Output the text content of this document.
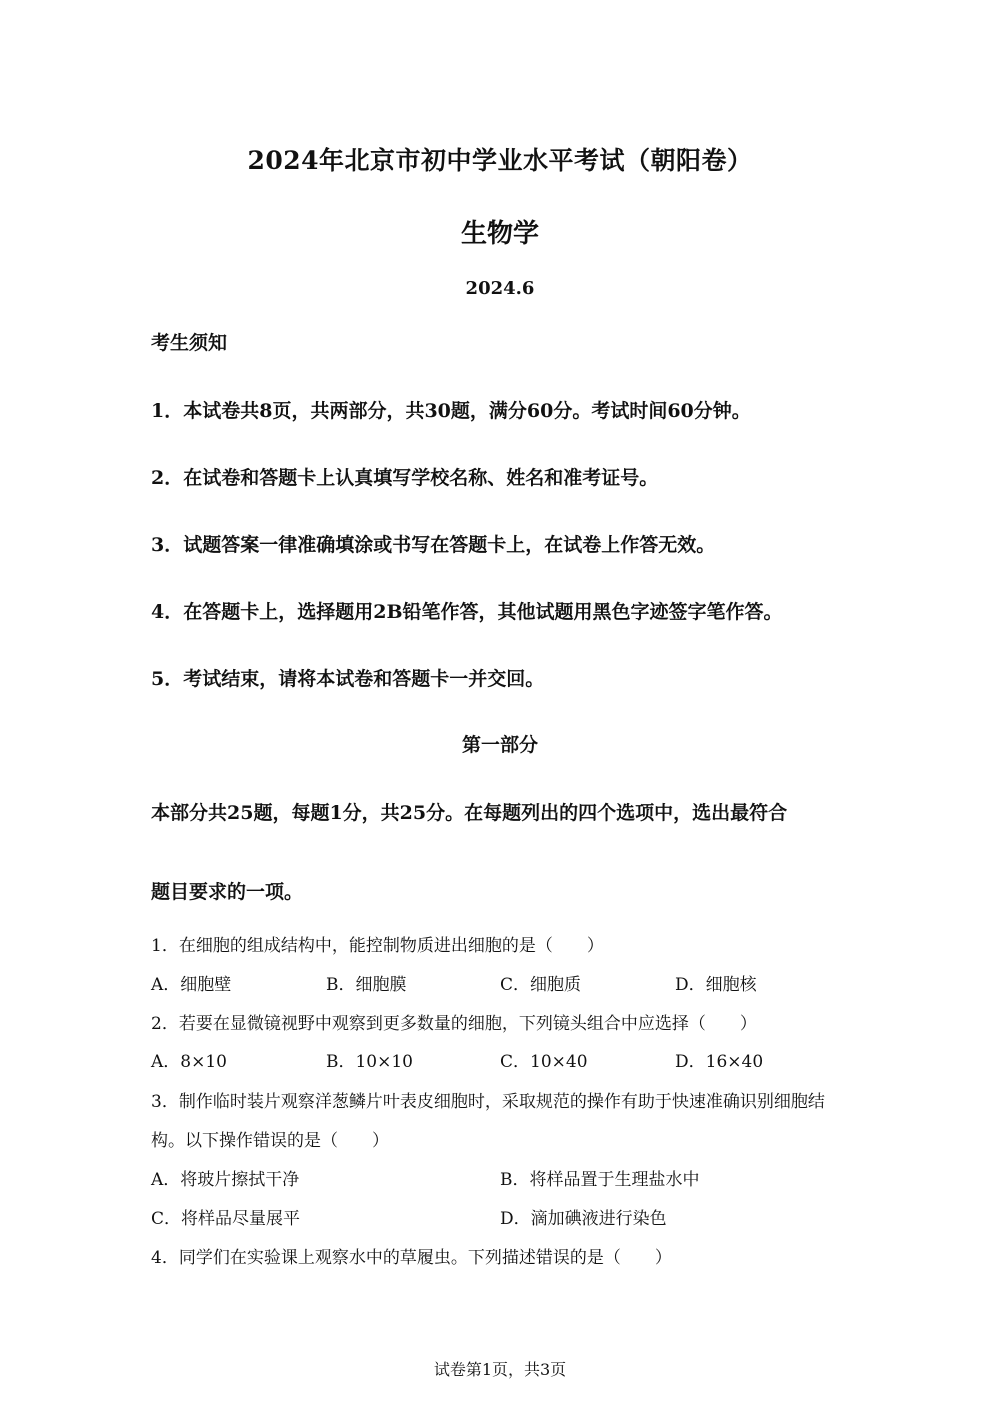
2024年北京市初中学业水平考试（朝阳卷）
生物学
2024.6
考生须知
1．本试卷共8页，共两部分，共30题，满分60分。考试时间60分钟。
2．在试卷和答题卡上认真填写学校名称、姓名和准考证号。
3．试题答案一律准确填涂或书写在答题卡上，在试卷上作答无效。
4．在答题卡上，选择题用2B铅笔作答，其他试题用黑色字迹签字笔作答。
5．考试结束，请将本试卷和答题卡一并交回。
第一部分
本部分共25题，每题1分，共25分。在每题列出的四个选项中，选出最符合
题目要求的一项。
1．在细胞的组成结构中，能控制物质进出细胞的是（　　）
A．细胞壁	B．细胞膜	C．细胞质	D．细胞核
2．若要在显微镜视野中观察到更多数量的细胞，下列镜头组合中应选择（　　）
A．8×10	B．10×10	C．10×40	D．16×40
3．制作临时装片观察洋葱鳞片叶表皮细胞时，采取规范的操作有助于快速准确识别细胞结
构。以下操作错误的是（　　）
A．将玻片擦拭干净	B．将样品置于生理盐水中
C．将样品尽量展平	D．滴加碘液进行染色
4．同学们在实验课上观察水中的草履虫。下列描述错误的是（　　）
试卷第1页，共3页
